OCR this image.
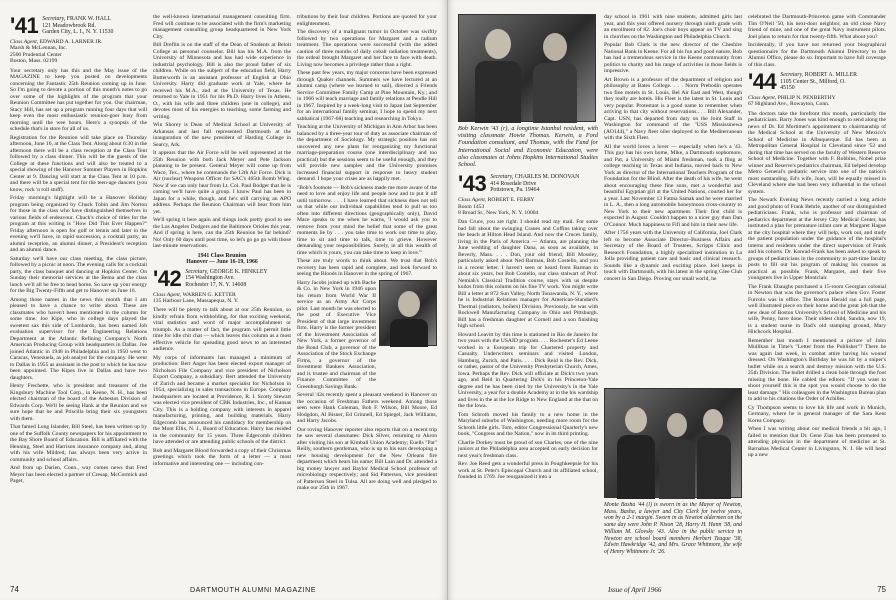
'41 Secretary, FRANK W. HALL
121 Meadowbrook Rd.
Garden City, L. I., N. Y. 11530
Class Agent, EDWARD A. LARNER JR.
Marsh & McLennan, Inc.
2500 Prudential Center
Boston, Mass. 02199

Your secretary only has this and the May issue of the MAGAZINE to keep you posted on developments concerning the Fantastic 25th Reunion coming up in June. So I'm going to devote a portion of this month's notes to go over some of the highlights of the program that your Reunion Committee has put together for you. Our chairman, Stacy Hill, has set up a program running four days that will keep even the most enthusiastic reunion-goer busy from morning until the wee hours. Here's a synopsis of the schedule that's in store for all of us.

Registration for the Reunion will take place on Thursday afternoon, June 16, at the Class Tent. Along about 6:30 in the afternoon there will be a class reception at the Class Tent followed by a class dinner. This will be the guests of the College at these functions and will also be treated to a special showing of the Hanover Summer Players in Hopkins Center at 9. Dancing will start at the Class Tent at 10 p.m. and there will be a special tent for the teen-age dancers (you know, rock 'n roll stuff).

Friday morning's highlight will be a Hanover Holiday program being organized by Chuck Tobin and Jim Norton for those in the class who have distinguished themselves in various fields of endeavour. Chuck's choice of titles for the program at this writing is "How Did This Ever Happen?" Friday afternoon is open for golf or tennis and later in the evening we'll have, in rapid succession, a cocktail party, an alumni reception, an alumni dinner, a President's reception and an alumni dance.

Saturday we'll have our class meeting, the class picture, followed by a picnic at noon. The evening calls for a cocktail party, the class banquet and dancing at Hopkins Center. On Sunday their memorial services at the Bema and the class lunch we'll all be free to head home. So save up your energy for the Big Twenty-Fifth and get to Hanover on June 16.

Among those names in the news this month that I am pleased to have a chance to write about. These are classmates who haven't been mentioned in the column for some time. Joe Kipe, who in college days played the sweetest sax this side of Lombardo, has been named Job evaluation supervisor for the Engineering Relations Department at the Atlantic Refining Company's North American Producing Group with headquarters in Dallas. Joe joined Atlantic in 1948 in Philadelphia and in 1950 went to Caracas, Venezuela, as job analyst for the company. He went to Dallas in 1955 as assistant in the post to which he has now been appointed. The Kipes live in Dallas and have two daughters.

Henry Frechette, who is president and treasurer of the Kingsbury Machine Tool Corp., in Keene, N. H., has been elected chairman of the board of the Asbestos Division of Edwards Corp. We'll be seeing Hank at the Reunion and we sure hope that he and Priscilla bring their six youngsters with them.

That famed Long Islander, Bill Steel, has been written up by one of the Suffolk County newspapers for his appointment to the Bay Shore Board of Education. Bill is affiliated with the Henning, Steel and Harrison insurance company and, along with his wife Mildred, has always been very active in community and school affairs.

And from up Darien, Conn., way comes news that Fred Meyer has been elected a partner of Cresap, McCormick and Paget,

the well-known international management consulting firm. Fred will continue to be associated with the firm's marketing management consulting group headquartered in New York City.

Bill Dreflin is on the staff of the Dean of Students at Beloit College as personal counselor. Bill has his M.A. from the University of Minnesota and has had wide experience in industrial psychology. Bill is also the proud father of six children. While on the subject of the education field, Harry Butterworth is an assistant professor of English at Ohio University. Harry did graduate work at Yale, where he received his M.A., and at the University of Texas. He returned to Yale in 1951 for his Ph.D. Harry lives in Athens, O., with his wife and three children (one in college), and devotes most of his energies to teaching, some farming and writing.

Win Shorey is Dean of Medical School at University of Arkansas and last fall represented Dartmouth at the inauguration of the new president of Harding College in Searcy, Ark.

It appears that the Air Force will be well represented at the 25th Reunion with both Jack Meyer and Pete Jackson planning to be present. General Meyer will come up from Waco, Tex., where he commands the 12th Air Force. Dick is Air (nuclear) Weapons Officer for SAC's 465th Bomb Wing. Now if we can only hear from Lt. Col. Paul Bodger that he is coming we'll have quite a group. I know Paul has been in Japan for a while, though, and he's still carrying an APO address. Perhaps the Reunion Chairman will hear from him yet.

We'll spring it here again and things look pretty good to see the Los Angeles Dodgers and the Baltimore Orioles this year. And if spring is here, can the 25th Reunion be far behind? No! Only 60 days until post time, so let's go go go with those last-minute reservations.

1941 Class Reunion
Hanover — June 16-19, 1966
'42 Secretary, GEORGE K. HINKLEY
154 Washington Ave.
Rochester 17, N. Y. 14608
Class Agent, WARREN G. KETTER
135 Harbour Lane, Massapequa, N. Y.

There will be plenty to talk about at our 25th Reunion, so kindly refrain from withholding, for that exciting weekend, vital statistics and word of major accomplishment or triumph. As a matter of fact, the program will permit little time for idle chit chat — which leaves this column as a most effective vehicle for spreading good news to an interested audience.

My corps of informants has managed a minimum of production: Bert Anger has been elected export manager of Nicholson File Company and vice president of Nicholson Export Company, a subsidiary. Bert attended the University of Zurich and became a market specialist for Nicholson in 1954, specializing in sales transactions in Europe. Company headquarters are located at Providence, R. I. Scotty Stewart was elected vice president of CBK Industries, Inc., of Kansas City. This is a holding company with interests in apparel manufacturing, printing, and building materials. Harry Edgecomb has announced his candidacy for membership on the Mont Ellis, N. J., Board of Education. Harry has resided in the community for 15 years. Three Edgecomb children have attended or are attending public schools of the district.

Bob and Margaret Blood forwarded a copy of their Christmas greetings which took the form of a letter — a most informative and interesting one — including con-

tributions by their four children. Portions are quoted for your enlightenment.

The discovery of a malignant tumor in October was swiftly followed by two operations for Margaret and a radium treatment. The operations were successful (with the added caution of three months of daily cobalt radiation treatments), the ordeal brought Margaret and her face to face with death. Living now becomes a privilege rather than a right.

These past few years, my major concerns have been expressed through Quaker channels. Summers we have lectured at an alumni camp (where we learned to sail), directed a Friends Service Committee Family Camp at Pine Mountain, Ky.; and in 1966 will teach marriage and family relations at Pendle Hill in 1967. Inspired by a week-long visit to Japan last September for an international family seminar, I hope to spend my next sabbatical (1967-68) teaching and researching in Tokyo.

Teaching at the University of Michigan in Ann Arbor has been balanced by a three-year tour of duty as associate chairman of the department of Sociology. My strategic position has not uncovered any new plans for reorganizing my functional marriage-preparation course (one interdisciplinary and too practical) but the sessions seem to be useful enough, and they will provide new samples and the University promises increased financial support in response to heavy student demand. I hope your crises are as happily met.

"Bob's footnote — Bob's sickness made me more aware of the need to love and enjoy life and people now and to put it off until tomorrow. . . . I have learned that sickness does not tell us that while our individual capabilities tend to pull us too often into different directions (geographically only), David Mace speaks to me when he warns, 'I would ask you to remove from your mind the belief that some of the great moments lie by . . . you take time to work out time to play, time to sit and time to talk, time to grieve. However demanding your responsibilities. Surely, in all this wealth of time which is yours, you can take time to keep in love.'"

These are truly words to think about. We trust that Bob's recovery has been rapid and complete, and look forward to seeing the Bloods in Hanover in the spring of 1967.

Harry Jacobs joined up with Bache & Co. in New York in 1946 upon his return from World War II service as an Army Air Corps pilot. Last month he was elected to the post of Executive Vice President of that large investment firm. Harry is the former president of the Investment Association of New York, a former governor of the Bond Club, a governor of the Association of the Stock Exchange Firms, a governor of the Investment Bankers Association, and is trustee and chairman of the Finance Committee of the Greenburgh Savings Bank.

Several '42s recently spent a pleasant weekend in Hanover on the occasion of Freshman Fathers weekend. Among those seen were Hank Coleman, Bob F. Wilson, Bill Moore, Ed Hodgdon, Al Bisner, Ed Grinnell, Ed Spiegel, Jack Williams, and Harry Jacobs.

Our roving Hanover reporter also reports that on a recent trip he saw several classmates: Dick Silver, returning to Akron after visiting his son at Kimball Union Academy; Euells "Pat" Reilly, southern gentleman, who is up to his ears developing a new housing development for the New Orleans fire department which bears his name; Bill Lain and Dr. attended a big money lawyer and Baylor Medical School professor of microbiology respectively; and Sid Patterson, vice president of Patterson Steel in Tulsa. All are doing well and pledged to make our 25th in 1967.

74	DARTMOUTH ALUMNI MAGAZINE

Bob Kerwin '43 (r), a longtime Istanbul resident, with visiting classmate Howie Thomas. Kerwin, a Ford Foundation consultant, and Thomas, with the Fund for International Social and Economic Education, were also classmates at Johns Hopkins International Studies School.

'43 Secretary, CHARLES M. DONOVAN
414 Rosedale Drive
Pottstown, Pa. 19464
Class Agent, ROBERT E. FERRY
Room 1453
8 Broad St., New York, N. Y. 10004

Dan Cruce, you are right. I should read my mail. For some bad fall about the swinging Cranes and Coffins taking over the beach at Hilton Head Island. And now the Cruces family, living in the Paris of America — Atlanta, are planning the June wedding of daughter Dana, as soon as available, in Beverly, Mass. . . . Don, your old friend, Bill Mossley, particularly asked about Ned Barman, Bob Costello, and you in a recent letter. I haven't seen or heard from Barman in about six years, but Bob Costello, our class stalwart of Prof. Nemiah's Classical Tradition course, stays with us despite kudos from this column on his fine TV work. You might write Bill a letter at 872 Sun Valley, North Tonawanda, N. Y., where he is Industrial Relations manager for American-Standard's Thermal (radiators, boilers) Division. Previously, he was with Rockwell Manufacturing Company in Ohio and Pittsburgh. Bill has a freshman daughter at Cornell and a son finishing high school.

Howard Leavitt by this time is stationed in Rio de Janeiro for two years with the USAID program. . . . Rochester's Ed Leene worked in a European trip for Chartered property and Casualty Underwriters seminars and visited London, Hamburg, Zurich, and Paris. . . . Dick Reid is the Rev. Dick, or rather, pastor of the University Presbyterian Church, Ames, Iowa. Perhaps the Rev. Dick will officiate at Dick's two years ago, and Reid in Quartering Dick's in his Princeton-Yale degree and he has been cited by the University's in the Yale University, a year for a double Academy at in the his wardship and lives in the at the Ice Ridge to New England at the that on the the Iowa.

Tom Schroth moved his family to a new home in the Maryland suburbs of Washington, needing more room for the Schroth little girls. Tom, editor Congressional Quarterly's new book, "Congress and the Nation," now in its third printing.

Charlie Dorkey must be proud of son Charles, one of the nine juniors at the Philadelphia area accepted on early decision for next year's freshman class.

Rev. Joe Reed gets a wonderful press in Poughkeepsie for his work at St. Peter's Episcopal Church and its affiliated school, founded in 1769. Joe reorganized it into a

day school in 1961 with nine students, admitted girls last year, and this year offered nursery through ninth grade with an enrollment of 82. Joe's choir boys appear on TV and sing in churches on the Washington and Philadelphia Church.

Popular Bob Clark is the new director of the Cheshire National Bank in Keene. For all his fun and good nature, Bob has had a tremendous service in the Keene community from politics to charity and his range of activities in those fields is impressive.

Art Brown is a professor of the department of religion and philosophy at Bates College. . . . Norm Prebodin operates two fine motels in St. Louis, Bel Air East and West, though they really are hotels. His Fleet is the latest in St. Louis and very popular. Protestant is a good name to remember when arriving in that city without reservations.. . . Bill Alexander, Capt. USN, has departed from duty on the Joint Staff in Washington for command of the "USS Mississinewa (AO144)," a Navy fleet oiler deployed to the Mediterranean with the Sixth Fleet.

All the world loves a lover — especially when he's a '43. This guy has his own home, Mike, a Dartmouth sophomore, and Pat, a University of Miami freshman, took a fling at college teaching in Texas and Indiana, moved back to New York as director of the International Teachers Program of the Foundation for the Blind. After the death of his wife, he went about encouraging these fine sons, met a wonderful and beautiful Egyptian girl at the United Nations, courted her for a year. Last November 13 Fatma Samak and he were married in L. A., then a long automobile honeymoon cross-country to New York to their new apartment. Their first child is expected in August. Couldn't happen to a nicer guy than Dan O'Connor. Much happiness to Fifi and him in their new life.

After 1756 years with the University of California, Joel Clark left to become Associate Director–Business Affairs and Secretary of the Board of Trustees, Scripps Clinic and Research Foundation, a highly specialized institution in La Jolla providing patient care and basic and clinical research. Sounds like a dynamic and exciting place. Joel keeps in touch with Dartmouth, with his latest in the spring Glee Club concert in San Diego. Proving our small world, he

Monte Basha '44 (l) is sworn in as the Mayor of Newton, Mass. Basha, a lawyer and City Clerk for twelve years, won by a 2-1 margin. Sworn in as Newton aldermen on the same day were John P. Nixon '28, Harry H. Hann '38, and William M. Glovsky '43. Also in the public service in Newton are school board members Herbert Teague '38, Edwin Hawkridge '42, and Mrs. Grace Whitmore, the wife of Henry Whitmore Jr. '26.

celebrated the Dartmouth-Princeton game with Commander Tim O'Neil '50, his next-door neighbor, an old close Navy friend of mine, and one of the great Navy instrument pilots. Joel plans to return for that twenty-fifth. What about you?

Incidentally, if you have not returned your biographical questionnaire for the Dartmouth Alumni Directory to the Alumni Office, please do so. Important to have full coverage of this class.

'44 Secretary, ROBERT A. MILLER
1105 Center St., Milford, O.
45150
Class Agent, PHILIP N. PENBERTHY
67 Highland Ave., Rowayton, Conn.

The doctors take the forefront this month, particularly the pediatricians. Barry Jones was kind enough to send along the news of Dr. Ed Mortimer's appointment to chairmanship of the Medical School at the University of New Mexico's School of Medicine in Albuquerque. Ed has been at Metropolitan General Hospital in Cleveland since '52 and during that time has served on the faculty of Western Reserve School of Medicine. Together with F. Robbins, Nobel prize winner and Reserve's pediatrics chairman, Ed helped develop Metro General's pediatric service into one of the nation's most outstanding. Ed's wife, Joan, will be equally missed in Cleveland where she had been very influential in the school system.

The Newark Evening News recently carried a long article and good photo of Frank Behrle, another of our distinguished pediatricians. Frank, who is professor and chairman of pediatrics department at the Jersey City Medical Center, has instituted a plan for premature infant care at Margaret Hague at the city hospital where they will help, work out, and study the patient population under the guidance of the hospital's interns and residents under the direct supervision of Frank and his cohorts. Dr. Konrad-Frank has been asked to speak to groups of pediatricians in the community to part-time faculty posts to fill out his program of making his courses as practical as possible. Frank, Margaret, and their five youngsters live in Upper Montclair.

The Frank Ebaughs purchased a 15-room Georgian colonial in Newton that was the governor's palace when Gov. Foster Furcolo was in office. The Boston Herald ran a full page, well illustrated piece on their home and the great job that the new dean of Boston University's School of Medicine and his wife, Penny, have done. Their oldest child, Sandra, now 19, is a student nurse in Dad's old stamping ground, Mary Hitchcock Hospital.

Remember last month I mentioned a picture of John Mullikan in Time's "Letter from the Publisher"? There he was again last week, in combat attire having his wound dressed. On Washington's Birthday he was hit by a sniper's bullet while on a search and destroy mission with the U.S. 25th Division. The bullet drilled a clean hole through the foot missing the bone. He cabled the editors: "If you want to shoot yourself this is the spot you would choose to do the least damage." His colleagues in the Washington Bureau plan to add to his citations the Order of Achilles.

Cy Thompson seems to love his life and work in Munich, Germany, where he is general manager of the Sara Kent Korea Company.

When I was writing about our medical friends a bit ago, I failed to mention that Dr. Gene Zias has been promoted to attending physician in the department of medicine at St. Barnabas Medical Center in Livingston, N. J. He will head up a new

Issue of April 1966	75
